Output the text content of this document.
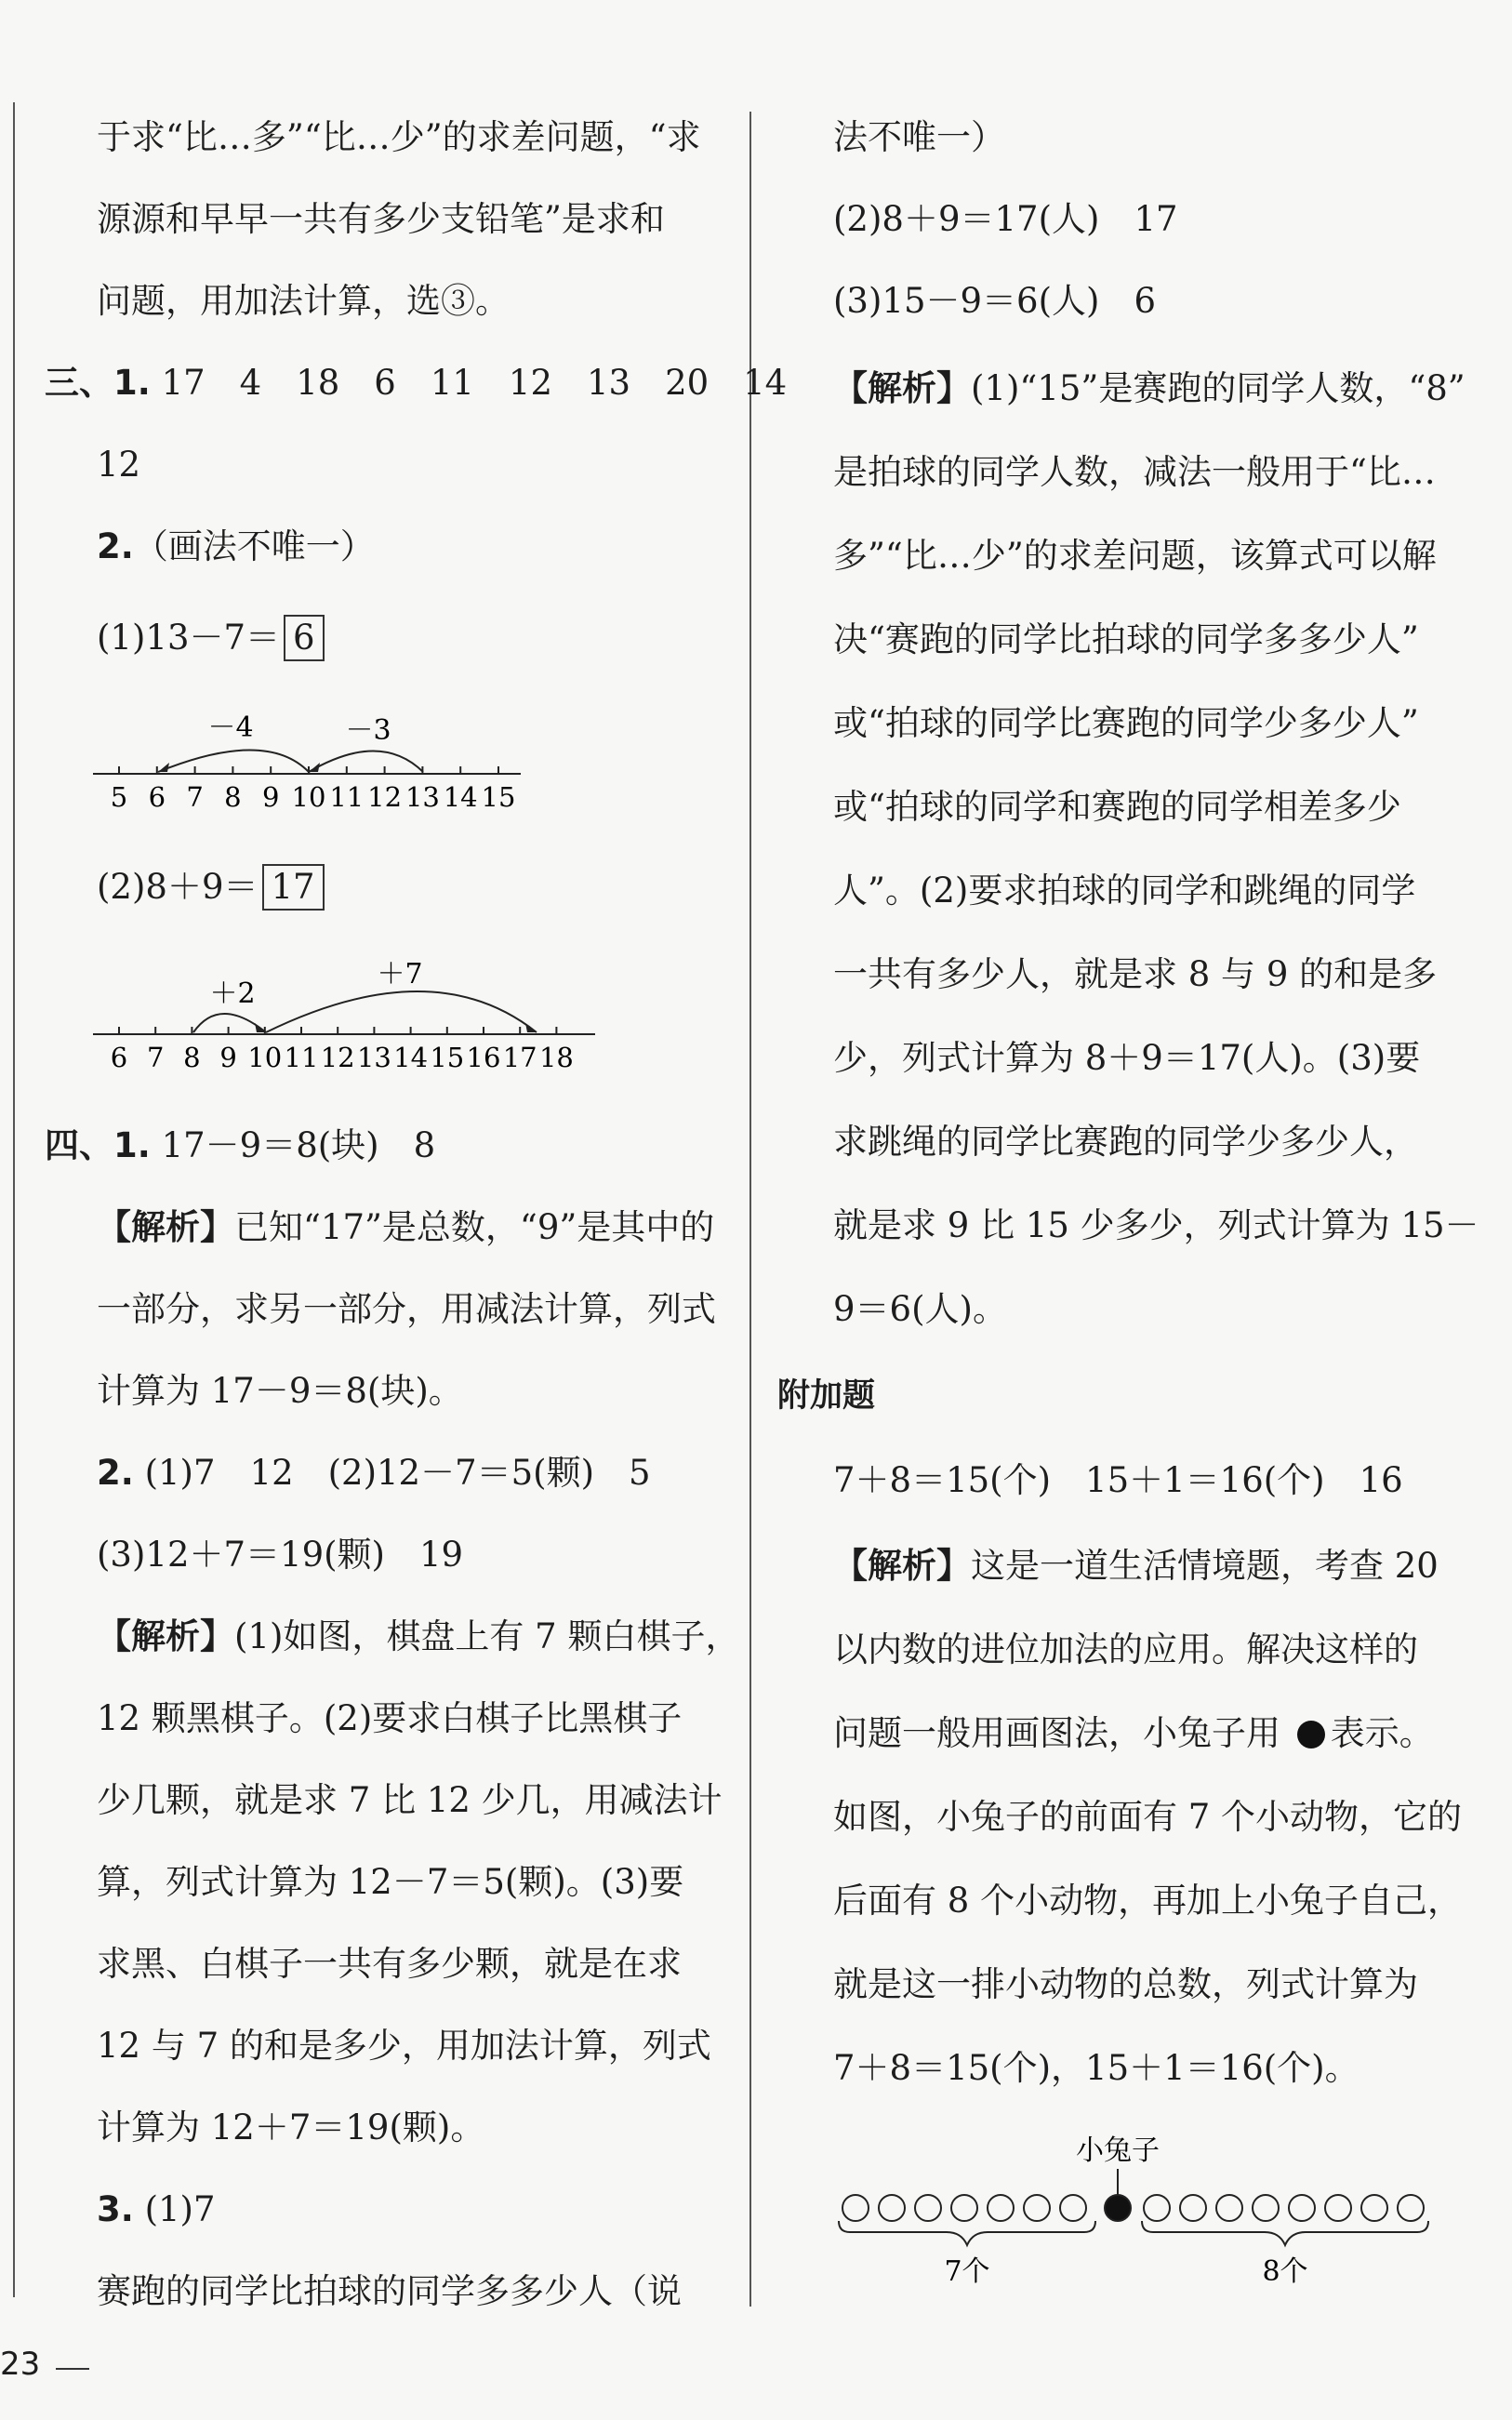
于求“比…多”“比…少”的求差问题，“求
源源和早早一共有多少支铅笔”是求和
问题，用加法计算，选③。
三、1. 17　4　18　6　11　12　13　20　14
12
2.（画法不唯一）
(1)13－7＝ 6
5 6 7 8 9 10 11 12 13 14 15
－4	－3
(2)8＋9＝ 17
6 7 8 9 10 11 12 13 14 15 16 17 18
＋2
＋7
四、1. 17－9＝8(块)　8
【解析】已知“17”是总数，“9”是其中的
一部分，求另一部分，用减法计算，列式
计算为 17－9＝8(块)。
2. (1)7　12　(2)12－7＝5(颗)　5
(3)12＋7＝19(颗)　19
【解析】(1)如图，棋盘上有 7 颗白棋子，
12 颗黑棋子。(2)要求白棋子比黑棋子
少几颗，就是求 7 比 12 少几，用减法计
算，列式计算为 12－7＝5(颗)。(3)要
求黑、白棋子一共有多少颗，就是在求
12 与 7 的和是多少，用加法计算，列式
计算为 12＋7＝19(颗)。
3. (1)7
赛跑的同学比拍球的同学多多少人（说
法不唯一）
(2)8＋9＝17(人)　17
(3)15－9＝6(人)　6
【解析】(1)“15”是赛跑的同学人数，“8”
是拍球的同学人数，减法一般用于“比…
多”“比…少”的求差问题，该算式可以解
决“赛跑的同学比拍球的同学多多少人”
或“拍球的同学比赛跑的同学少多少人”
或“拍球的同学和赛跑的同学相差多少
人”。(2)要求拍球的同学和跳绳的同学
一共有多少人，就是求 8 与 9 的和是多
少，列式计算为 8＋9＝17(人)。(3)要
求跳绳的同学比赛跑的同学少多少人，
就是求 9 比 15 少多少，列式计算为 15－
9＝6(人)。
附加题
7＋8＝15(个)　15＋1＝16(个)　16
【解析】这是一道生活情境题，考查 20
以内数的进位加法的应用。解决这样的
问题一般用画图法，小兔子用 表示。
如图，小兔子的前面有 7 个小动物，它的
后面有 8 个小动物，再加上小兔子自己，
就是这一排小动物的总数，列式计算为
7＋8＝15(个)，15＋1＝16(个)。
小兔子
7个	8个
23
